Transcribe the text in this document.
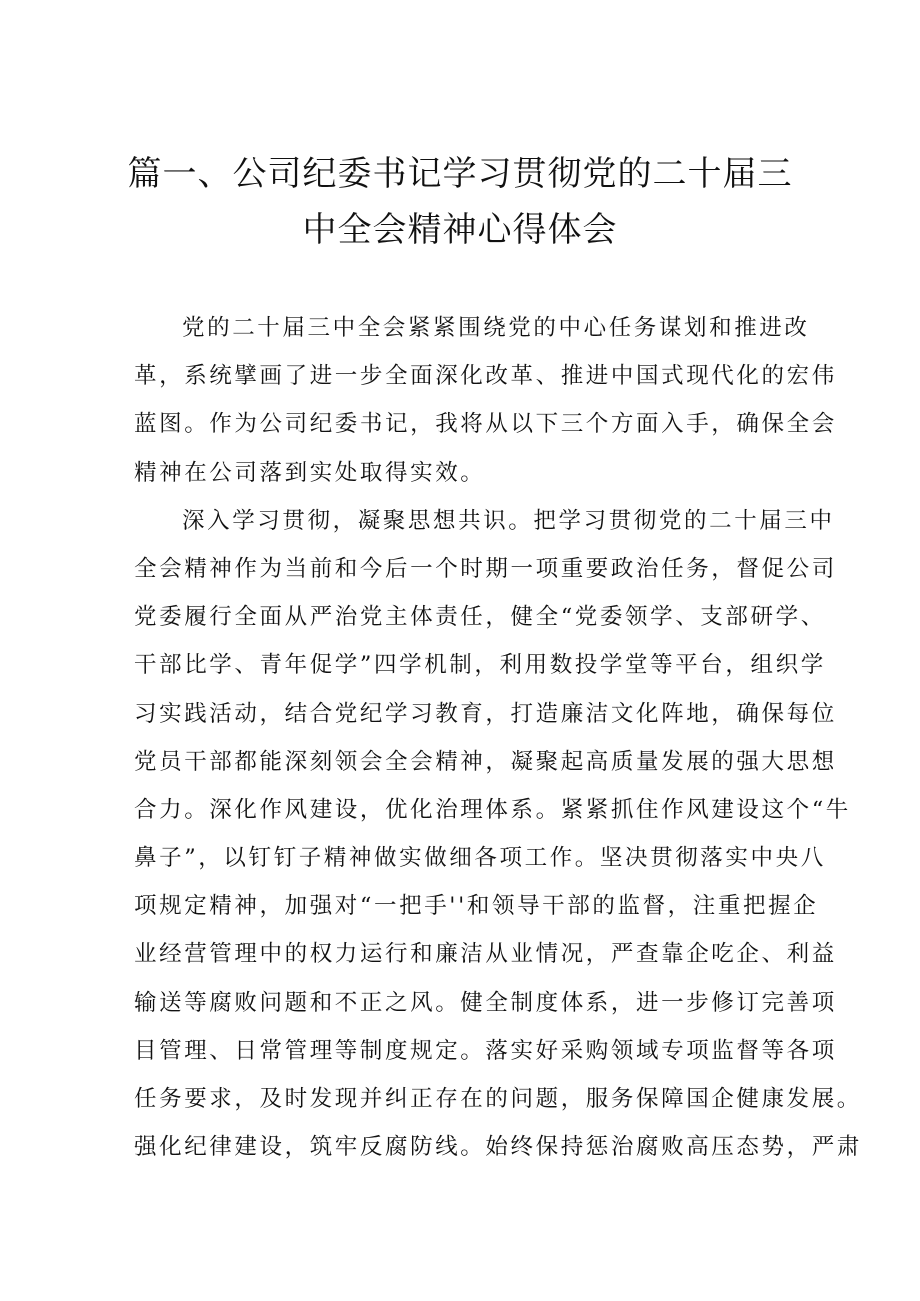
篇一、公司纪委书记学习贯彻党的二十届三
中全会精神心得体会
党的二十届三中全会紧紧围绕党的中心任务谋划和推进改
革，系统擘画了进一步全面深化改革、推进中国式现代化的宏伟
蓝图。作为公司纪委书记，我将从以下三个方面入手，确保全会
精神在公司落到实处取得实效。
深入学习贯彻，凝聚思想共识。把学习贯彻党的二十届三中
全会精神作为当前和今后一个时期一项重要政治任务，督促公司
党委履行全面从严治党主体责任，健全“党委领学、支部研学、
干部比学、青年促学”四学机制，利用数投学堂等平台，组织学
习实践活动，结合党纪学习教育，打造廉洁文化阵地，确保每位
党员干部都能深刻领会全会精神，凝聚起高质量发展的强大思想
合力。深化作风建设，优化治理体系。紧紧抓住作风建设这个“牛
鼻子”，以钉钉子精神做实做细各项工作。坚决贯彻落实中央八
项规定精神，加强对“一把手''和领导干部的监督，注重把握企
业经营管理中的权力运行和廉洁从业情况，严查靠企吃企、利益
输送等腐败问题和不正之风。健全制度体系，进一步修订完善项
目管理、日常管理等制度规定。落实好采购领域专项监督等各项
任务要求，及时发现并纠正存在的问题，服务保障国企健康发展。
强化纪律建设，筑牢反腐防线。始终保持惩治腐败高压态势，严肃
